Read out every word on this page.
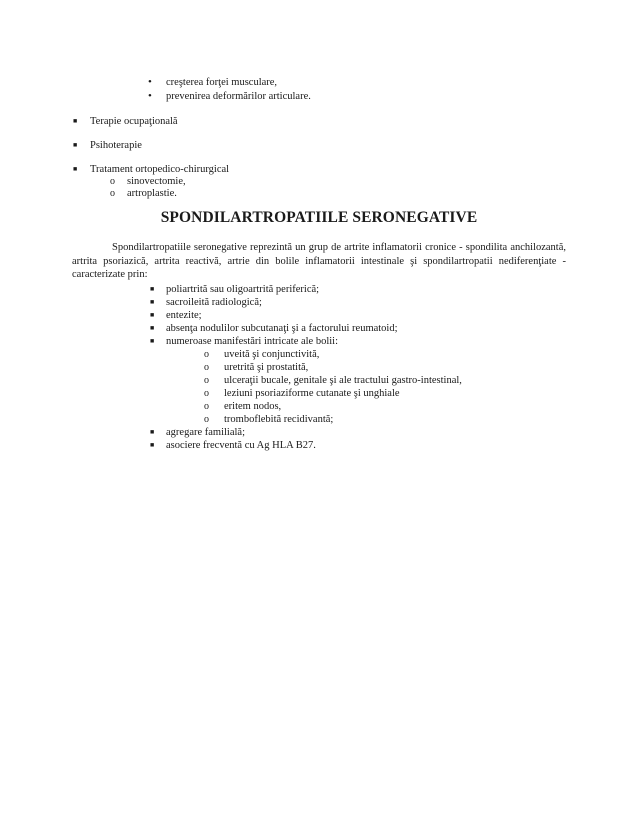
• creşterea forţei musculare,
• prevenirea deformărilor articulare.
■ Terapie ocupaţională
■ Psihoterapie
■ Tratament ortopedico-chirurgical
o sinovectomie,
o artroplastie.
SPONDILARTROPATIILE SERONEGATIVE
Spondilartropatiile seronegative reprezintă un grup de artrite inflamatorii cronice - spondilita anchilozantă, artrita psoriazică, artrita reactivă, artrie din bolile inflamatorii intestinale şi spondilartropatii nediferenţiate - caracterizate prin:
■ poliartrită sau oligoartrită periferică;
■ sacroileită radiologică;
■ entezite;
■ absenţa nodulilor subcutanaţi şi a factorului reumatoid;
■ numeroase manifestări intricate ale bolii:
o uveită şi conjunctivită,
o uretrită şi prostatită,
o ulceraţii bucale, genitale şi ale tractului gastro-intestinal,
o leziuni psoriaziforme cutanate şi unghiale
o eritem nodos,
o tromboflebită recidivantă;
■ agregare familială;
■ asociere frecventă cu Ag HLA B27.
